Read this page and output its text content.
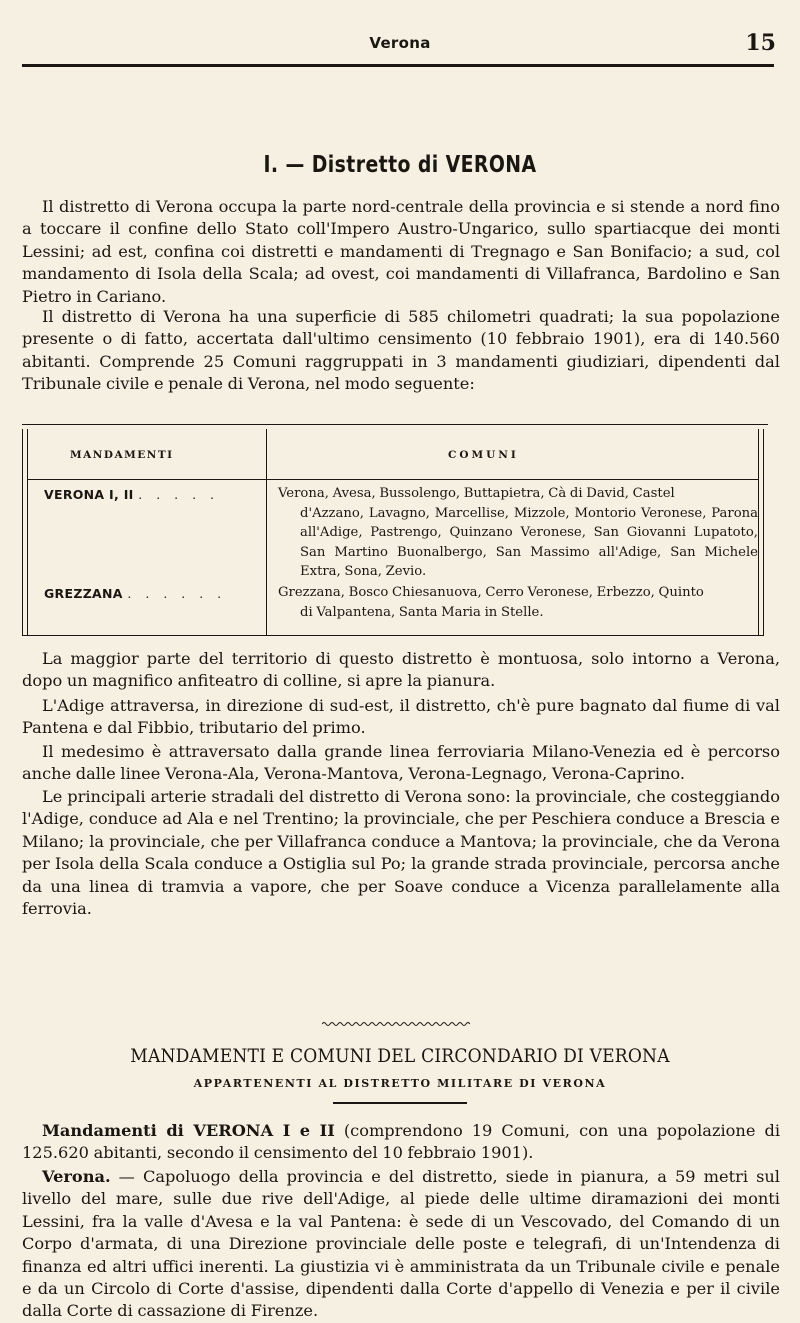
Verona	15
I. — Distretto di VERONA

Il distretto di Verona occupa la parte nord-centrale della provincia e si stende a nord fino a toccare il confine dello Stato coll'Impero Austro-Ungarico, sullo spartiacque dei monti Lessini; ad est, confina coi distretti e mandamenti di Tregnago e San Bonifacio; a sud, col mandamento di Isola della Scala; ad ovest, coi mandamenti di Villafranca, Bardolino e San Pietro in Cariano.

Il distretto di Verona ha una superficie di 585 chilometri quadrati; la sua popolazione presente o di fatto, accertata dall'ultimo censimento (10 febbraio 1901), era di 140.560 abitanti. Comprende 25 Comuni raggruppati in 3 mandamenti giudiziari, dipendenti dal Tribunale civile e penale di Verona, nel modo seguente:

MANDAMENTI	COMUNI
VERONA I, II . . . . .	Verona, Avesa, Bussolengo, Buttapietra, Cà di David, Castel
d'Azzano, Lavagno, Marcellise, Mizzole, Montorio Veronese, Parona all'Adige, Pastrengo, Quinzano Veronese, San Giovanni Lupatoto, San Martino Buonalbergo, San Massimo all'Adige, San Michele Extra, Sona, Zevio.
GREZZANA . . . . . .	Grezzana, Bosco Chiesanuova, Cerro Veronese, Erbezzo, Quinto
di Valpantena, Santa Maria in Stelle.

La maggior parte del territorio di questo distretto è montuosa, solo intorno a Verona, dopo un magnifico anfiteatro di colline, si apre la pianura.

L'Adige attraversa, in direzione di sud-est, il distretto, ch'è pure bagnato dal fiume di val Pantena e dal Fibbio, tributario del primo.

Il medesimo è attraversato dalla grande linea ferroviaria Milano-Venezia ed è percorso anche dalle linee Verona-Ala, Verona-Mantova, Verona-Legnago, Verona-Caprino.

Le principali arterie stradali del distretto di Verona sono: la provinciale, che costeggiando l'Adige, conduce ad Ala e nel Trentino; la provinciale, che per Peschiera conduce a Brescia e Milano; la provinciale, che per Villafranca conduce a Mantova; la provinciale, che da Verona per Isola della Scala conduce a Ostiglia sul Po; la grande strada provinciale, percorsa anche da una linea di tramvia a vapore, che per Soave conduce a Vicenza parallelamente alla ferrovia.

MANDAMENTI E COMUNI DEL CIRCONDARIO DI VERONA
APPARTENENTI AL DISTRETTO MILITARE DI VERONA

Mandamenti di VERONA I e II (comprendono 19 Comuni, con una popolazione di 125.620 abitanti, secondo il censimento del 10 febbraio 1901).

Verona. — Capoluogo della provincia e del distretto, siede in pianura, a 59 metri sul livello del mare, sulle due rive dell'Adige, al piede delle ultime diramazioni dei monti Lessini, fra la valle d'Avesa e la val Pantena: è sede di un Vescovado, del Comando di un Corpo d'armata, di una Direzione provinciale delle poste e telegrafi, di un'Intendenza di finanza ed altri uffici inerenti. La giustizia vi è amministrata da un Tribunale civile e penale e da un Circolo di Corte d'assise, dipendenti dalla Corte d'appello di Venezia e per il civile dalla Corte di cassazione di Firenze.
